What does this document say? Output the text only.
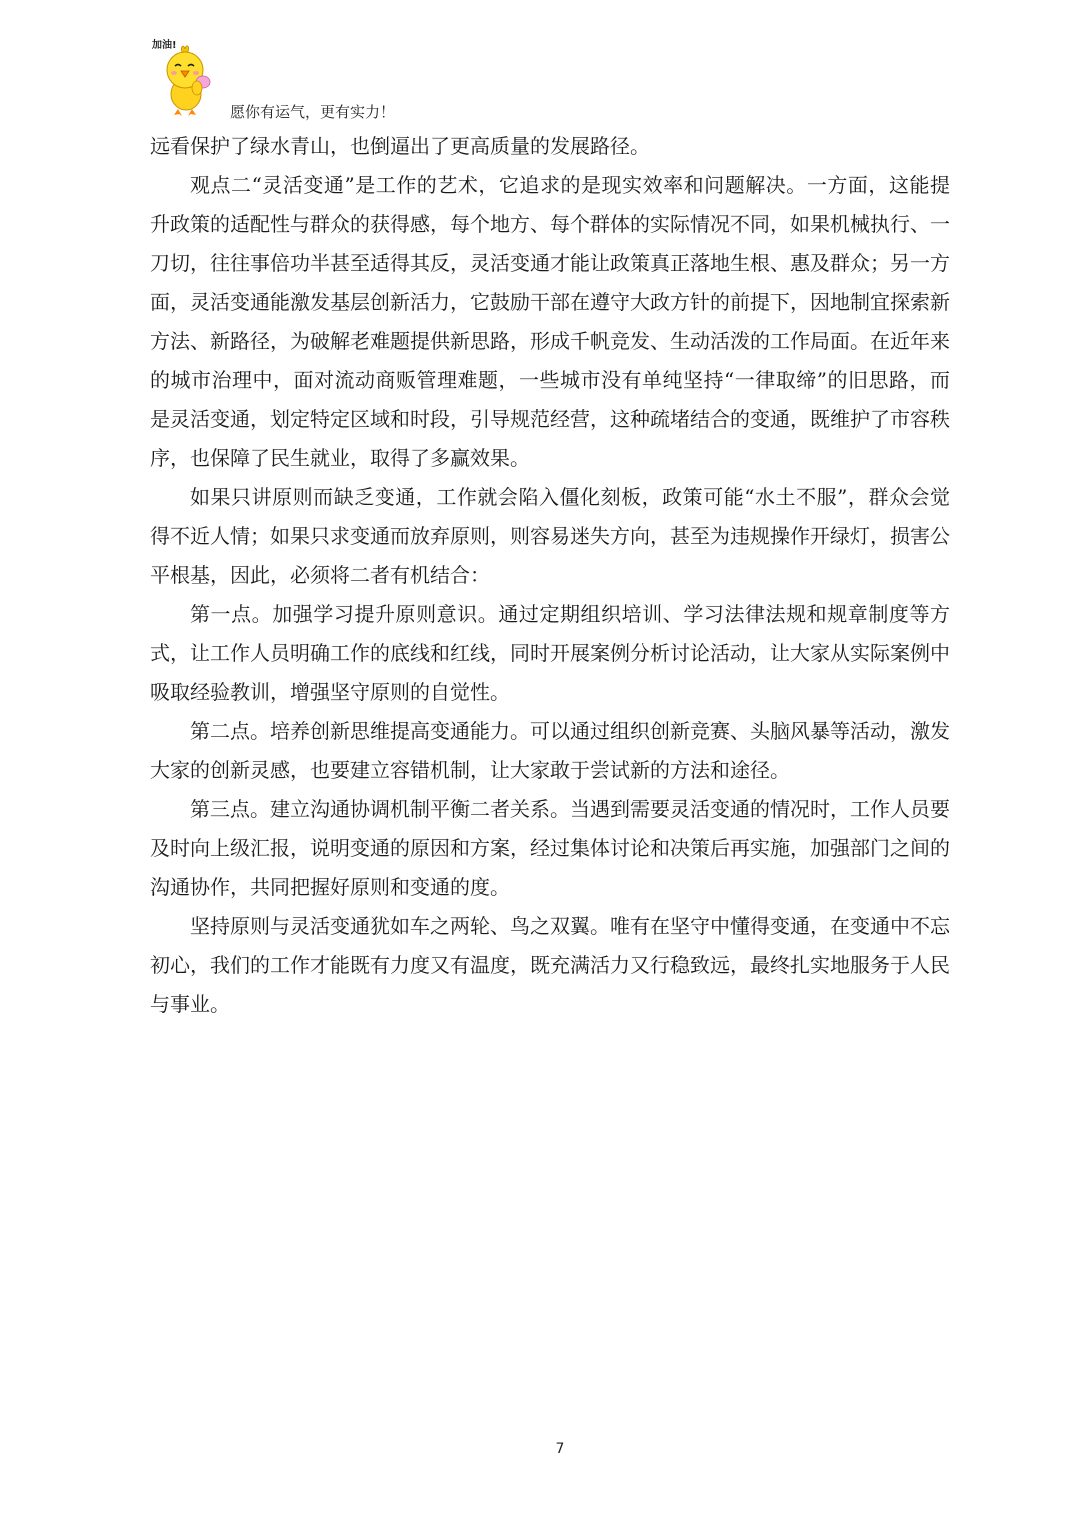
加油!
愿你有运气，更有实力！

远看保护了绿水青山，也倒逼出了更高质量的发展路径。

观点二“灵活变通”是工作的艺术，它追求的是现实效率和问题解决。一方面，这能提升政策的适配性与群众的获得感，每个地方、每个群体的实际情况不同，如果机械执行、一刀切，往往事倍功半甚至适得其反，灵活变通才能让政策真正落地生根、惠及群众；另一方面，灵活变通能激发基层创新活力，它鼓励干部在遵守大政方针的前提下，因地制宜探索新方法、新路径，为破解老难题提供新思路，形成千帆竞发、生动活泼的工作局面。在近年来的城市治理中，面对流动商贩管理难题，一些城市没有单纯坚持“一律取缔”的旧思路，而是灵活变通，划定特定区域和时段，引导规范经营，这种疏堵结合的变通，既维护了市容秩序，也保障了民生就业，取得了多赢效果。

如果只讲原则而缺乏变通，工作就会陷入僵化刻板，政策可能“水土不服”，群众会觉得不近人情；如果只求变通而放弃原则，则容易迷失方向，甚至为违规操作开绿灯，损害公平根基，因此，必须将二者有机结合：

第一点。加强学习提升原则意识。通过定期组织培训、学习法律法规和规章制度等方式，让工作人员明确工作的底线和红线，同时开展案例分析讨论活动，让大家从实际案例中吸取经验教训，增强坚守原则的自觉性。

第二点。培养创新思维提高变通能力。可以通过组织创新竞赛、头脑风暴等活动，激发大家的创新灵感，也要建立容错机制，让大家敢于尝试新的方法和途径。

第三点。建立沟通协调机制平衡二者关系。当遇到需要灵活变通的情况时，工作人员要及时向上级汇报，说明变通的原因和方案，经过集体讨论和决策后再实施，加强部门之间的沟通协作，共同把握好原则和变通的度。

坚持原则与灵活变通犹如车之两轮、鸟之双翼。唯有在坚守中懂得变通，在变通中不忘初心，我们的工作才能既有力度又有温度，既充满活力又行稳致远，最终扎实地服务于人民与事业。

7
